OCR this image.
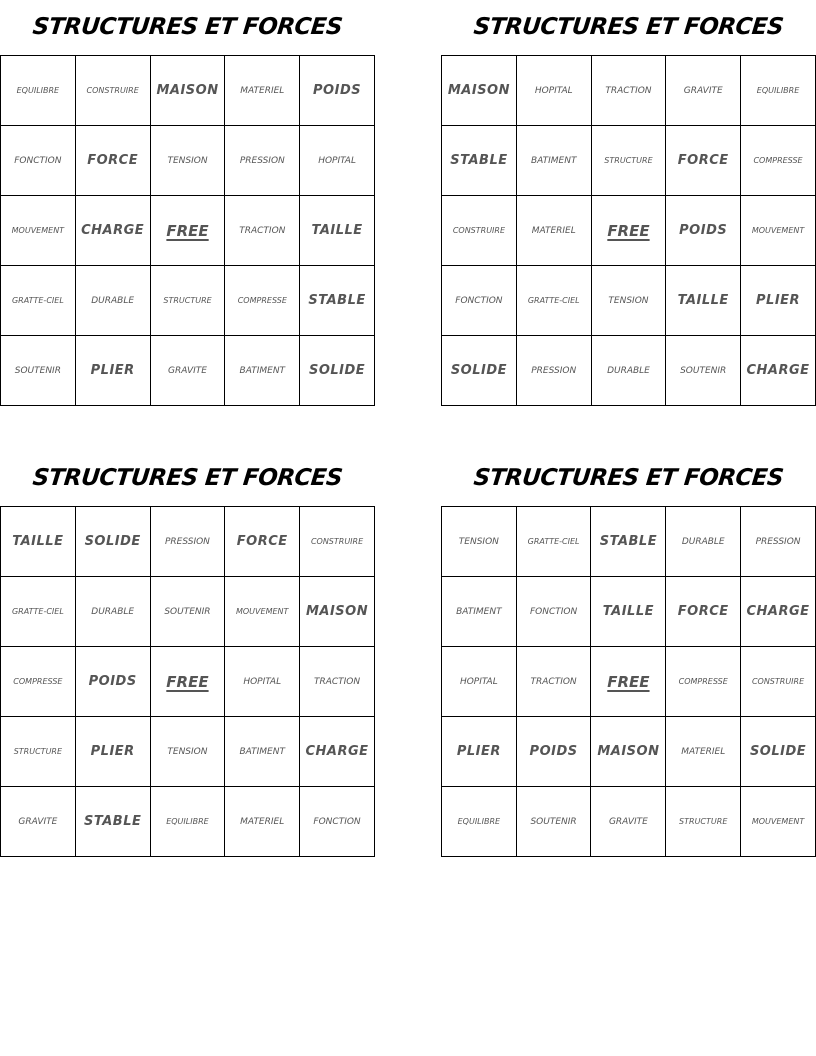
STRUCTURES ET FORCES
EQUILIBRE	CONSTRUIRE	MAISON	MATERIEL	POIDS
FONCTION	FORCE	TENSION	PRESSION	HOPITAL
MOUVEMENT	CHARGE	FREE	TRACTION	TAILLE
GRATTE-CIEL	DURABLE	STRUCTURE	COMPRESSE	STABLE
SOUTENIR	PLIER	GRAVITE	BATIMENT	SOLIDE
STRUCTURES ET FORCES
MAISON	HOPITAL	TRACTION	GRAVITE	EQUILIBRE
STABLE	BATIMENT	STRUCTURE	FORCE	COMPRESSE
CONSTRUIRE	MATERIEL	FREE	POIDS	MOUVEMENT
FONCTION	GRATTE-CIEL	TENSION	TAILLE	PLIER
SOLIDE	PRESSION	DURABLE	SOUTENIR	CHARGE
STRUCTURES ET FORCES
TAILLE	SOLIDE	PRESSION	FORCE	CONSTRUIRE
GRATTE-CIEL	DURABLE	SOUTENIR	MOUVEMENT	MAISON
COMPRESSE	POIDS	FREE	HOPITAL	TRACTION
STRUCTURE	PLIER	TENSION	BATIMENT	CHARGE
GRAVITE	STABLE	EQUILIBRE	MATERIEL	FONCTION
STRUCTURES ET FORCES
TENSION	GRATTE-CIEL	STABLE	DURABLE	PRESSION
BATIMENT	FONCTION	TAILLE	FORCE	CHARGE
HOPITAL	TRACTION	FREE	COMPRESSE	CONSTRUIRE
PLIER	POIDS	MAISON	MATERIEL	SOLIDE
EQUILIBRE	SOUTENIR	GRAVITE	STRUCTURE	MOUVEMENT
